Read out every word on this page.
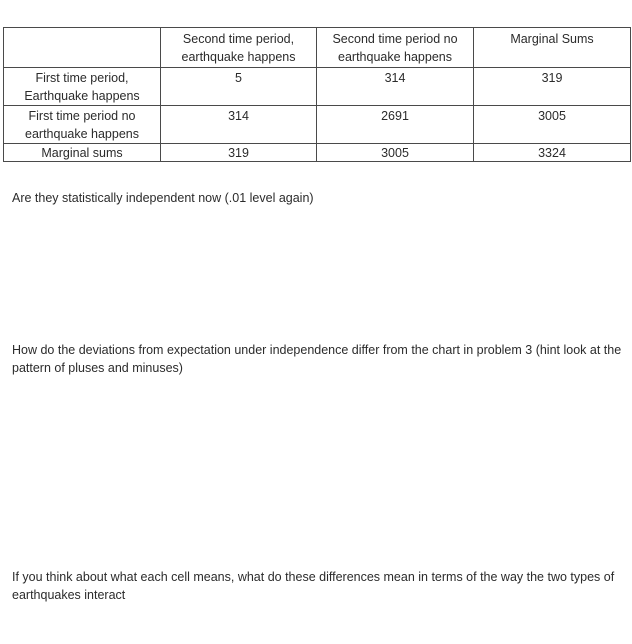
	Second time period, earthquake happens	Second time period no earthquake happens	Marginal Sums
First time period, Earthquake happens	5	314	319
First time period no earthquake happens	314	2691	3005
Marginal sums	319	3005	3324

Are they statistically independent now (.01 level again)

How do the deviations from expectation under independence differ from the chart in problem 3 (hint look at the pattern of pluses and minuses)

If you think about what each cell means, what do these differences mean in terms of the way the two types of earthquakes interact
